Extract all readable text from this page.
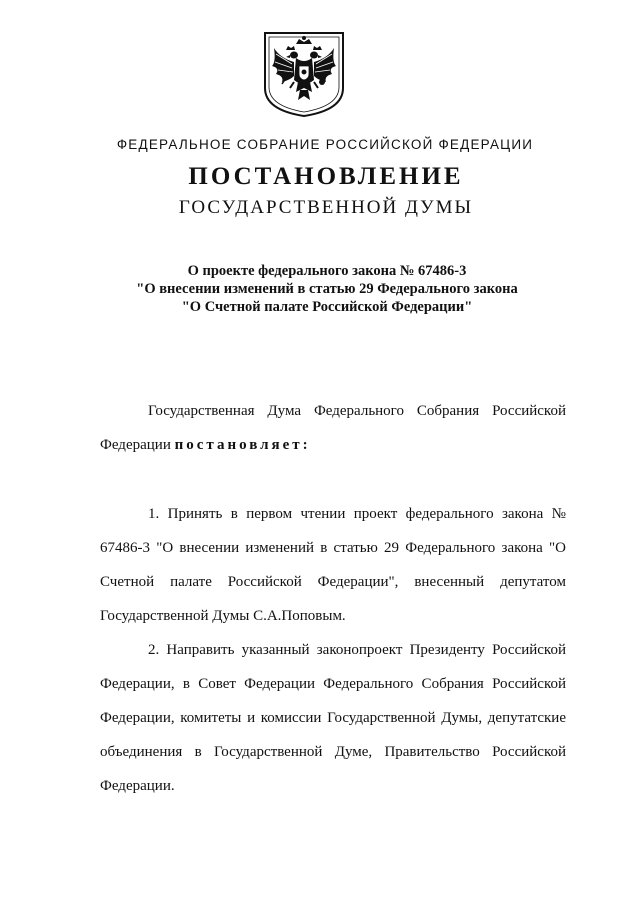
ФЕДЕРАЛЬНОЕ СОБРАНИЕ РОССИЙСКОЙ ФЕДЕРАЦИИ
ПОСТАНОВЛЕНИЕ
ГОСУДАРСТВЕННОЙ ДУМЫ
О проекте федерального закона № 67486-3
"О внесении изменений в статью 29 Федерального закона
"О Счетной палате Российской Федерации"

Государственная Дума Федерального Собрания Российской Федерации постановляет:

1. Принять в первом чтении проект федерального закона № 67486-3 "О внесении изменений в статью 29 Федерального закона "О Счетной палате Российской Федерации", внесенный депутатом Государственной Думы С.А.Поповым.

2. Направить указанный законопроект Президенту Российской Федерации, в Совет Федерации Федерального Собрания Российской Федерации, комитеты и комиссии Государственной Думы, депутатские объединения в Государственной Думе, Правительство Российской Федерации.
